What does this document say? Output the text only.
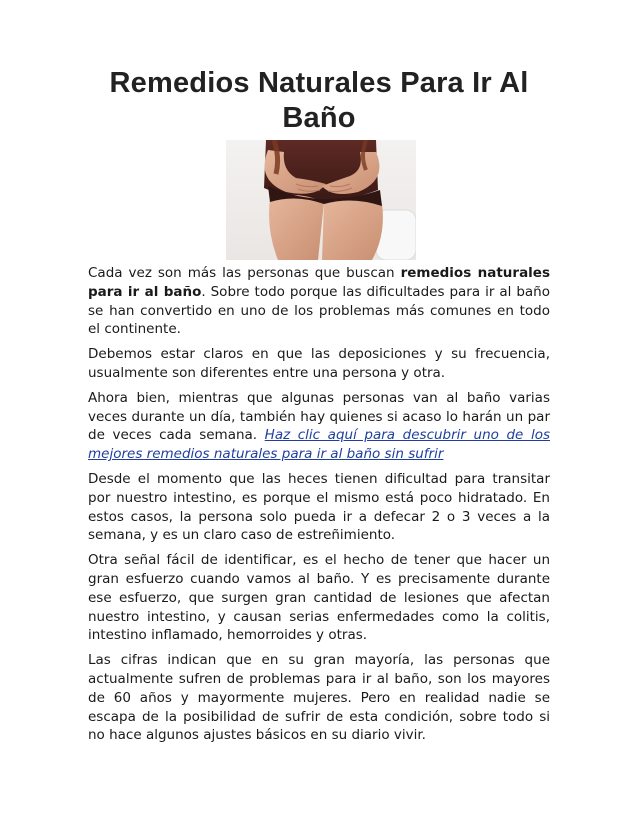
Remedios Naturales Para Ir Al Baño

Cada vez son más las personas que buscan remedios naturales para ir al baño. Sobre todo porque las dificultades para ir al baño se han convertido en uno de los problemas más comunes en todo el continente.

Debemos estar claros en que las deposiciones y su frecuencia, usualmente son diferentes entre una persona y otra.

Ahora bien, mientras que algunas personas van al baño varias veces durante un día, también hay quienes si acaso lo harán un par de veces cada semana. Haz clic aquí para descubrir uno de los mejores remedios naturales para ir al baño sin sufrir

Desde el momento que las heces tienen dificultad para transitar por nuestro intestino, es porque el mismo está poco hidratado. En estos casos, la persona solo pueda ir a defecar 2 o 3 veces a la semana, y es un claro caso de estreñimiento.

Otra señal fácil de identificar, es el hecho de tener que hacer un gran esfuerzo cuando vamos al baño. Y es precisamente durante ese esfuerzo, que surgen gran cantidad de lesiones que afectan nuestro intestino, y causan serias enfermedades como la colitis, intestino inflamado, hemorroides y otras.

Las cifras indican que en su gran mayoría, las personas que actualmente sufren de problemas para ir al baño, son los mayores de 60 años y mayormente mujeres. Pero en realidad nadie se escapa de la posibilidad de sufrir de esta condición, sobre todo si no hace algunos ajustes básicos en su diario vivir.
